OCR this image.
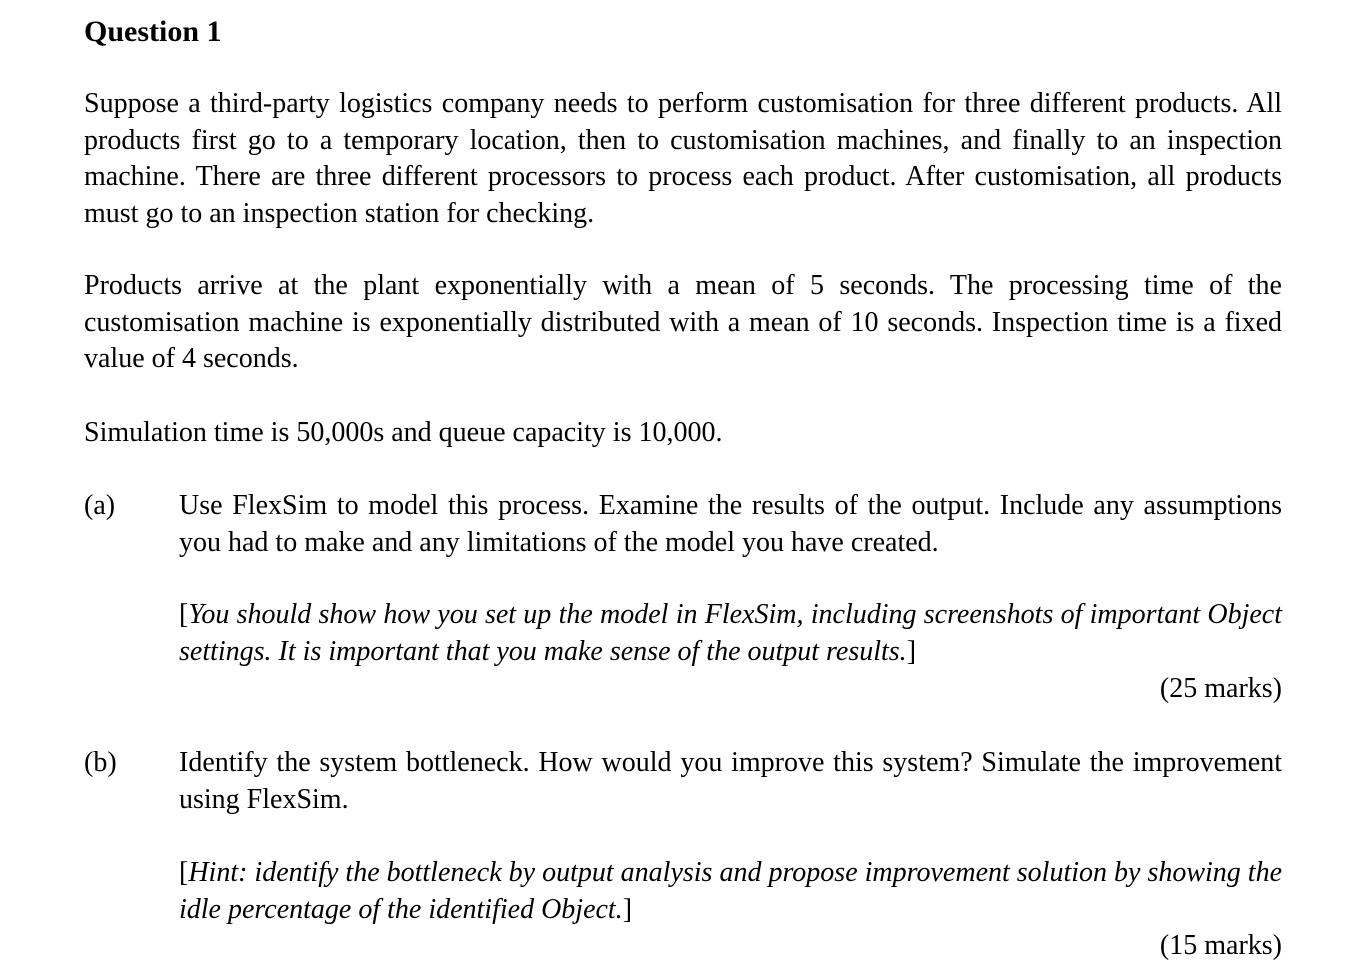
Question 1

Suppose a third-party logistics company needs to perform customisation for three different products. All products first go to a temporary location, then to customisation machines, and finally to an inspection machine. There are three different processors to process each product. After customisation, all products must go to an inspection station for checking.

Products arrive at the plant exponentially with a mean of 5 seconds. The processing time of the customisation machine is exponentially distributed with a mean of 10 seconds. Inspection time is a fixed value of 4 seconds.

Simulation time is 50,000s and queue capacity is 10,000.

(a) Use FlexSim to model this process. Examine the results of the output. Include any assumptions you had to make and any limitations of the model you have created.

[You should show how you set up the model in FlexSim, including screenshots of important Object settings. It is important that you make sense of the output results.]

(25 marks)

(b) Identify the system bottleneck. How would you improve this system? Simulate the improvement using FlexSim.

[Hint: identify the bottleneck by output analysis and propose improvement solution by showing the idle percentage of the identified Object.]

(15 marks)
